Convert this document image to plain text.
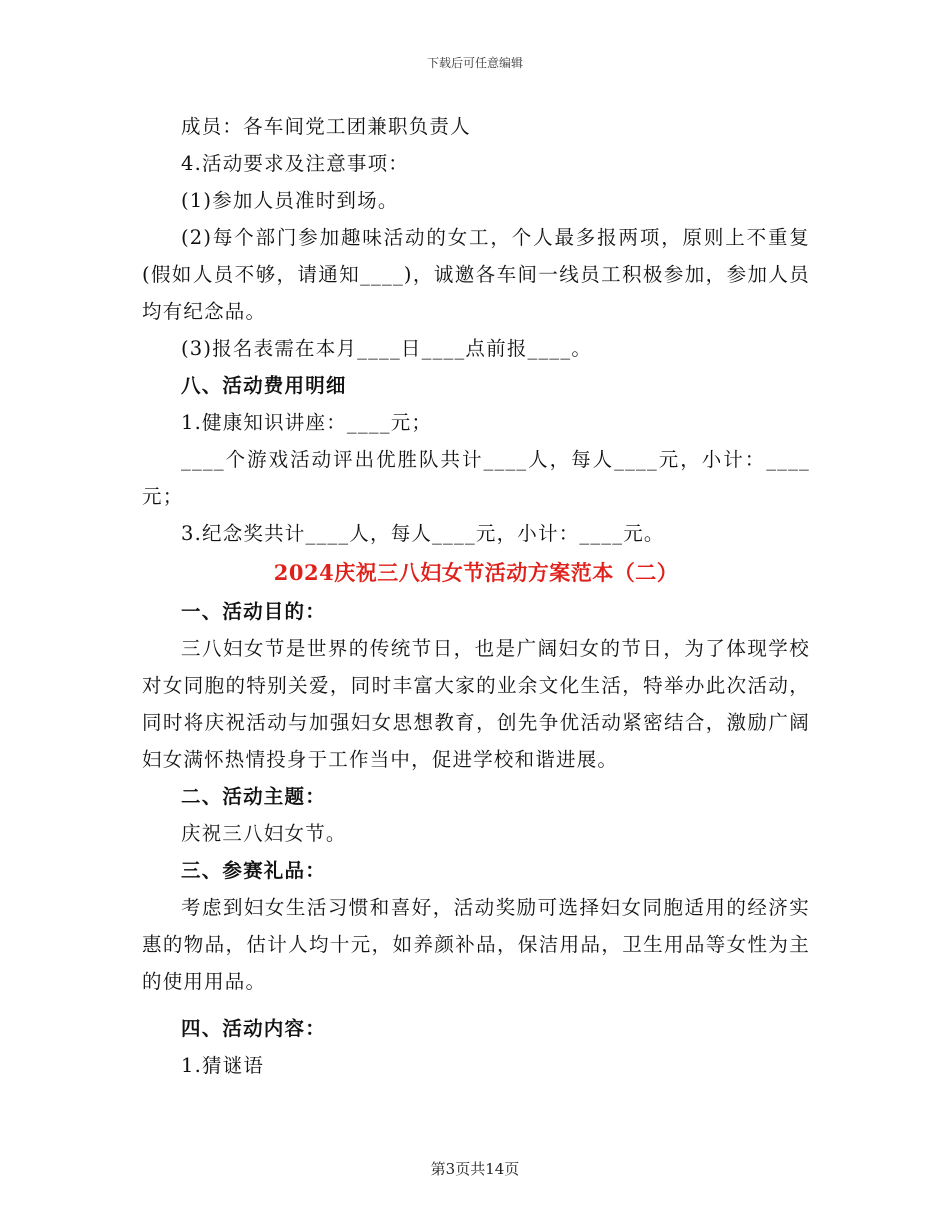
下载后可任意编辑

成员：各车间党工团兼职负责人

4.活动要求及注意事项：

(1)参加人员准时到场。

(2)每个部门参加趣味活动的女工，个人最多报两项，原则上不重复(假如人员不够，请通知____)，诚邀各车间一线员工积极参加，参加人员均有纪念品。

(3)报名表需在本月____日____点前报____。

八、活动费用明细

1.健康知识讲座：____元；

____个游戏活动评出优胜队共计____人，每人____元，小计：____元；

3.纪念奖共计____人，每人____元，小计：____元。

2024庆祝三八妇女节活动方案范本（二）

一、活动目的：

三八妇女节是世界的传统节日，也是广阔妇女的节日，为了体现学校对女同胞的特别关爱，同时丰富大家的业余文化生活，特举办此次活动，同时将庆祝活动与加强妇女思想教育，创先争优活动紧密结合，激励广阔妇女满怀热情投身于工作当中，促进学校和谐进展。

二、活动主题：

庆祝三八妇女节。

三、参赛礼品：

考虑到妇女生活习惯和喜好，活动奖励可选择妇女同胞适用的经济实惠的物品，估计人均十元，如养颜补品，保洁用品，卫生用品等女性为主的使用用品。

四、活动内容：

1.猜谜语

第3页共14页
